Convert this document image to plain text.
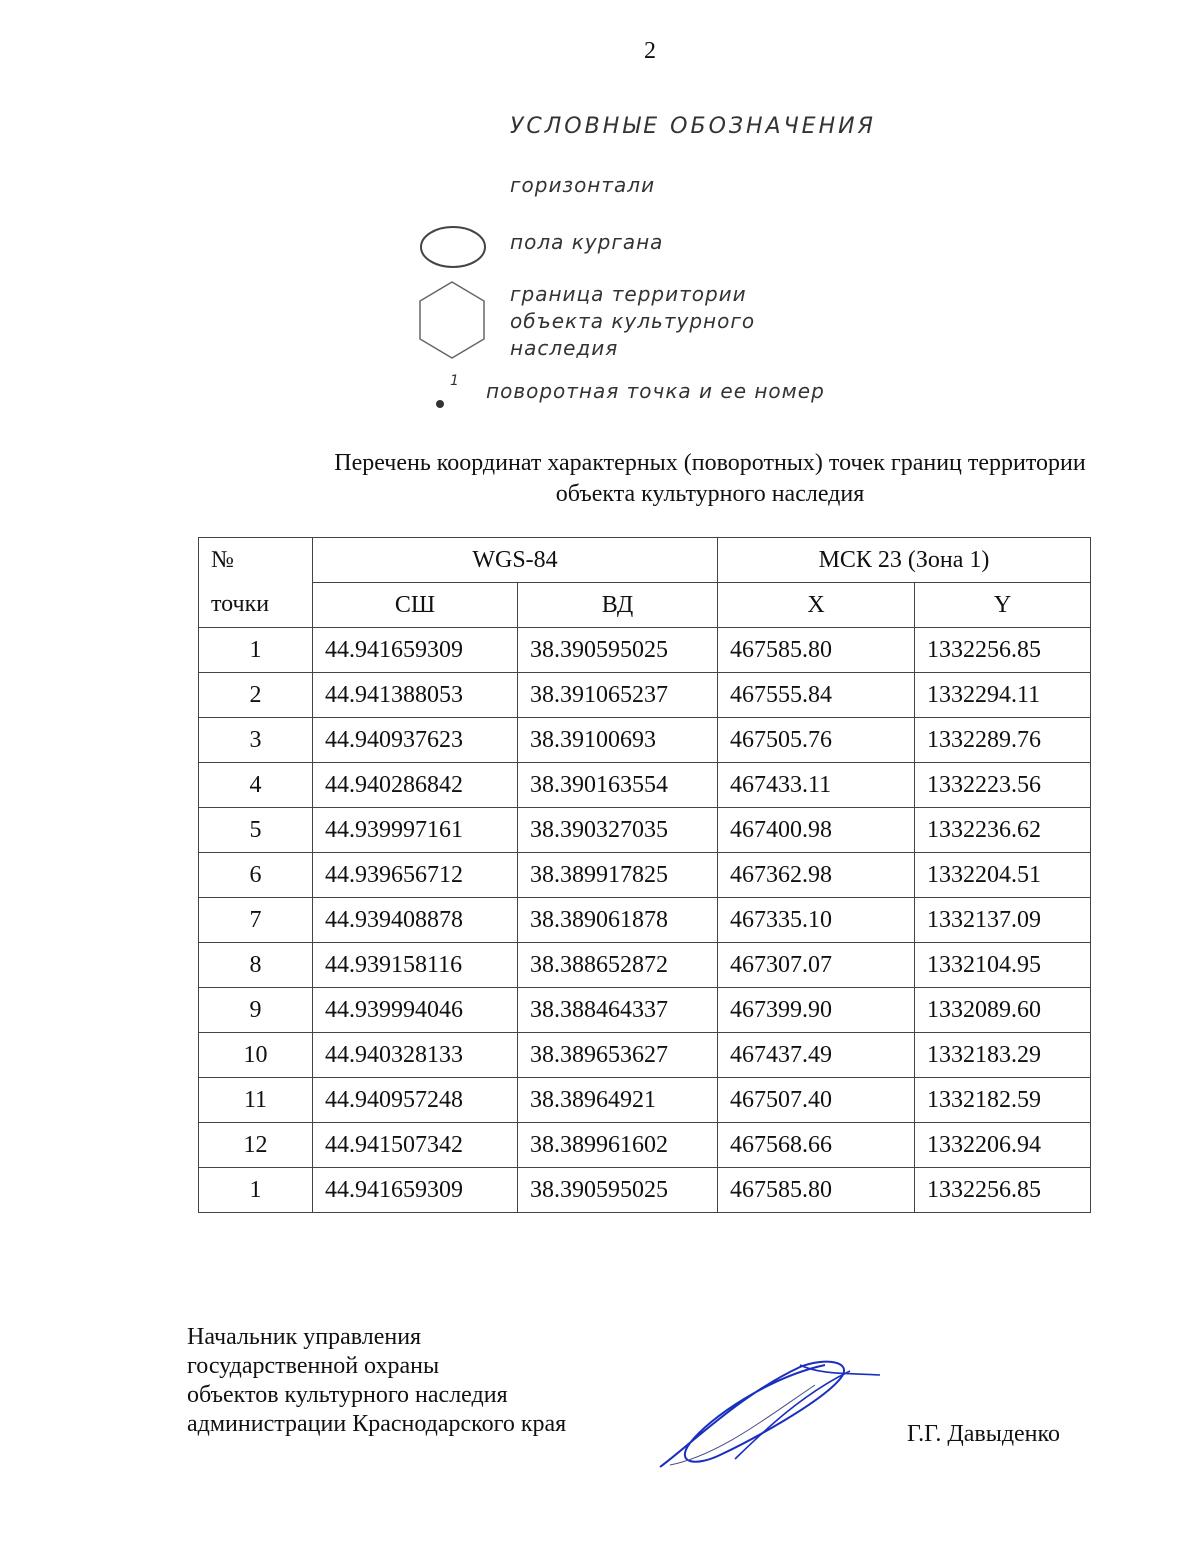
2
УСЛОВНЫЕ ОБОЗНАЧЕНИЯ
горизонтали
пола кургана
граница территории
объекта культурного
наследия
1 поворотная точка и ее номер
Перечень координат характерных (поворотных) точек границ территории
объекта культурного наследия
№	WGS-84		МСК 23 (Зона 1)	
точки	СШ	ВД	X	Y
1	44.941659309	38.390595025	467585.80	1332256.85
2	44.941388053	38.391065237	467555.84	1332294.11
3	44.940937623	38.39100693	467505.76	1332289.76
4	44.940286842	38.390163554	467433.11	1332223.56
5	44.939997161	38.390327035	467400.98	1332236.62
6	44.939656712	38.389917825	467362.98	1332204.51
7	44.939408878	38.389061878	467335.10	1332137.09
8	44.939158116	38.388652872	467307.07	1332104.95
9	44.939994046	38.388464337	467399.90	1332089.60
10	44.940328133	38.389653627	467437.49	1332183.29
11	44.940957248	38.38964921	467507.40	1332182.59
12	44.941507342	38.389961602	467568.66	1332206.94
1	44.941659309	38.390595025	467585.80	1332256.85
Начальник управления
государственной охраны
объектов культурного наследия
администрации Краснодарского края	Г.Г. Давыденко
